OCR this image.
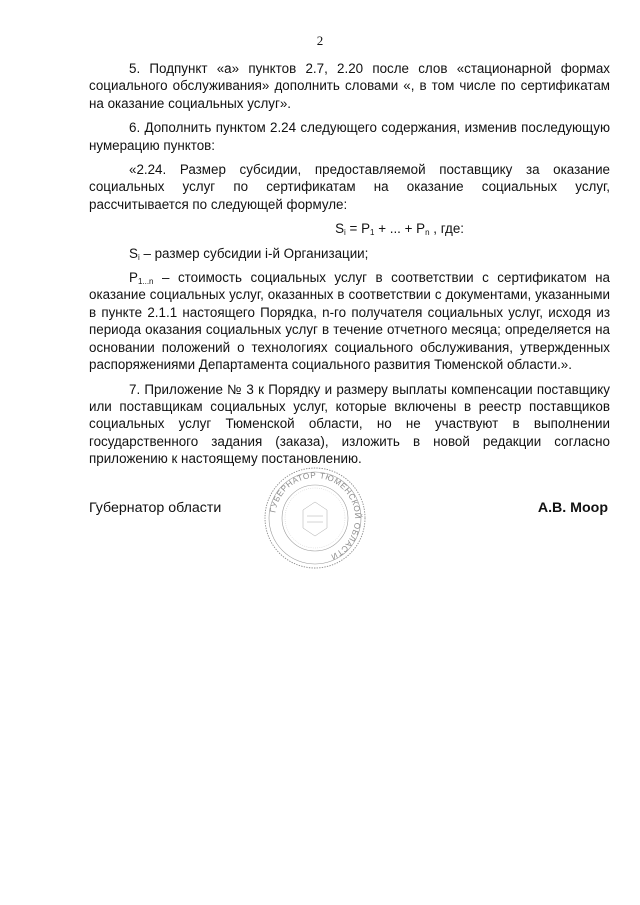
2

5. Подпункт «а» пунктов 2.7, 2.20 после слов «стационарной формах социального обслуживания» дополнить словами «, в том числе по сертификатам на оказание социальных услуг».

6. Дополнить пунктом 2.24 следующего содержания, изменив последующую нумерацию пунктов:

«2.24. Размер субсидии, предоставляемой поставщику за оказание социальных услуг по сертификатам на оказание социальных услуг, рассчитывается по следующей формуле:

$S_i = P_1$ + ... + $P_n$ , где:

$S_i$ – размер субсидии i-й Организации;

$P_{1...n}$ – стоимость социальных услуг в соответствии с сертификатом на оказание социальных услуг, оказанных в соответствии с документами, указанными в пункте 2.1.1 настоящего Порядка, n-го получателя социальных услуг, исходя из периода оказания социальных услуг в течение отчетного месяца; определяется на основании положений о технологиях социального обслуживания, утвержденных распоряжениями Департамента социального развития Тюменской области.».

7. Приложение № 3 к Порядку и размеру выплаты компенсации поставщику или поставщикам социальных услуг, которые включены в реестр поставщиков социальных услуг Тюменской области, но не участвуют в выполнении государственного задания (заказа), изложить в новой редакции согласно приложению к настоящему постановлению.

Губернатор области	А.В. Моор
ГУБЕРНАТОР ТЮМЕНСКОЙ ОБЛАСТИ
